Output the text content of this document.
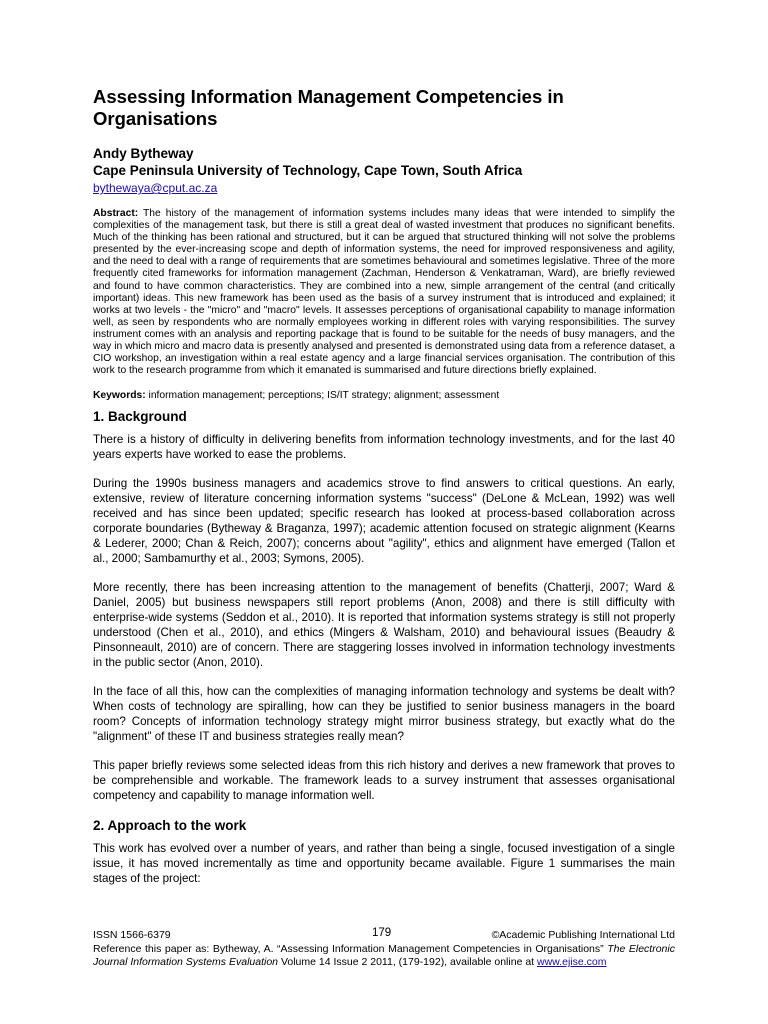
Assessing Information Management Competencies in Organisations

Andy Bytheway

Cape Peninsula University of Technology, Cape Town, South Africa

bythewaya@cput.ac.za

Abstract: The history of the management of information systems includes many ideas that were intended to simplify the complexities of the management task, but there is still a great deal of wasted investment that produces no significant benefits. Much of the thinking has been rational and structured, but it can be argued that structured thinking will not solve the problems presented by the ever-increasing scope and depth of information systems, the need for improved responsiveness and agility, and the need to deal with a range of requirements that are sometimes behavioural and sometimes legislative. Three of the more frequently cited frameworks for information management (Zachman, Henderson & Venkatraman, Ward), are briefly reviewed and found to have common characteristics. They are combined into a new, simple arrangement of the central (and critically important) ideas. This new framework has been used as the basis of a survey instrument that is introduced and explained; it works at two levels - the "micro" and "macro" levels. It assesses perceptions of organisational capability to manage information well, as seen by respondents who are normally employees working in different roles with varying responsibilities. The survey instrument comes with an analysis and reporting package that is found to be suitable for the needs of busy managers, and the way in which micro and macro data is presently analysed and presented is demonstrated using data from a reference dataset, a CIO workshop, an investigation within a real estate agency and a large financial services organisation. The contribution of this work to the research programme from which it emanated is summarised and future directions briefly explained.

Keywords: information management; perceptions; IS/IT strategy; alignment; assessment

1. Background

There is a history of difficulty in delivering benefits from information technology investments, and for the last 40 years experts have worked to ease the problems.

During the 1990s business managers and academics strove to find answers to critical questions. An early, extensive, review of literature concerning information systems "success" (DeLone & McLean, 1992) was well received and has since been updated; specific research has looked at process-based collaboration across corporate boundaries (Bytheway & Braganza, 1997); academic attention focused on strategic alignment (Kearns & Lederer, 2000; Chan & Reich, 2007); concerns about "agility", ethics and alignment have emerged (Tallon et al., 2000; Sambamurthy et al., 2003; Symons, 2005).

More recently, there has been increasing attention to the management of benefits (Chatterji, 2007; Ward & Daniel, 2005) but business newspapers still report problems (Anon, 2008) and there is still difficulty with enterprise-wide systems (Seddon et al., 2010). It is reported that information systems strategy is still not properly understood (Chen et al., 2010), and ethics (Mingers & Walsham, 2010) and behavioural issues (Beaudry & Pinsonneault, 2010) are of concern. There are staggering losses involved in information technology investments in the public sector (Anon, 2010).

In the face of all this, how can the complexities of managing information technology and systems be dealt with? When costs of technology are spiralling, how can they be justified to senior business managers in the board room? Concepts of information technology strategy might mirror business strategy, but exactly what do the "alignment" of these IT and business strategies really mean?

This paper briefly reviews some selected ideas from this rich history and derives a new framework that proves to be comprehensible and workable. The framework leads to a survey instrument that assesses organisational competency and capability to manage information well.

2. Approach to the work

This work has evolved over a number of years, and rather than being a single, focused investigation of a single issue, it has moved incrementally as time and opportunity became available. Figure 1 summarises the main stages of the project:

ISSN 1566-6379	179	©Academic Publishing International Ltd
Reference this paper as: Bytheway, A. “Assessing Information Management Competencies in Organisations” The Electronic Journal Information Systems Evaluation Volume 14 Issue 2 2011, (179-192), available online at www.ejise.com
